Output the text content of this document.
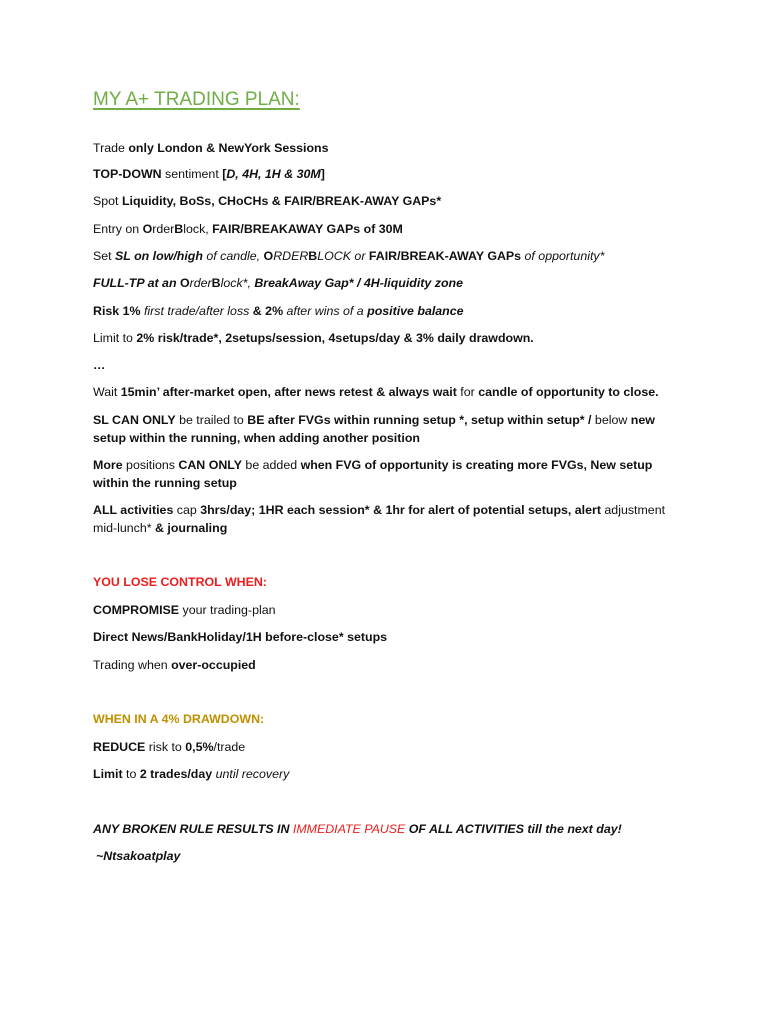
MY A+ TRADING PLAN:

Trade only London & NewYork Sessions

TOP-DOWN sentiment [D, 4H, 1H & 30M]

Spot Liquidity, BoSs, CHoCHs & FAIR/BREAK-AWAY GAPs*

Entry on OrderBlock, FAIR/BREAKAWAY GAPs of 30M

Set SL on low/high of candle, ORDERBLOCK or FAIR/BREAK-AWAY GAPs of opportunity*

FULL-TP at an OrderBlock*, BreakAway Gap* / 4H-liquidity zone

Risk 1% first trade/after loss & 2% after wins of a positive balance

Limit to 2% risk/trade*, 2setups/session, 4setups/day & 3% daily drawdown.

…

Wait 15min’ after-market open, after news retest & always wait for candle of opportunity to close.

SL CAN ONLY be trailed to BE after FVGs within running setup *, setup within setup* / below new
setup within the running, when adding another position

More positions CAN ONLY be added when FVG of opportunity is creating more FVGs, New setup
within the running setup

ALL activities cap 3hrs/day; 1HR each session* & 1hr for alert of potential setups, alert adjustment
mid-lunch* & journaling

YOU LOSE CONTROL WHEN:

COMPROMISE your trading-plan

Direct News/BankHoliday/1H before-close* setups

Trading when over-occupied

WHEN IN A 4% DRAWDOWN:

REDUCE risk to 0,5%/trade

Limit to 2 trades/day until recovery

ANY BROKEN RULE RESULTS IN IMMEDIATE PAUSE OF ALL ACTIVITIES till the next day!

~Ntsakoatplay
